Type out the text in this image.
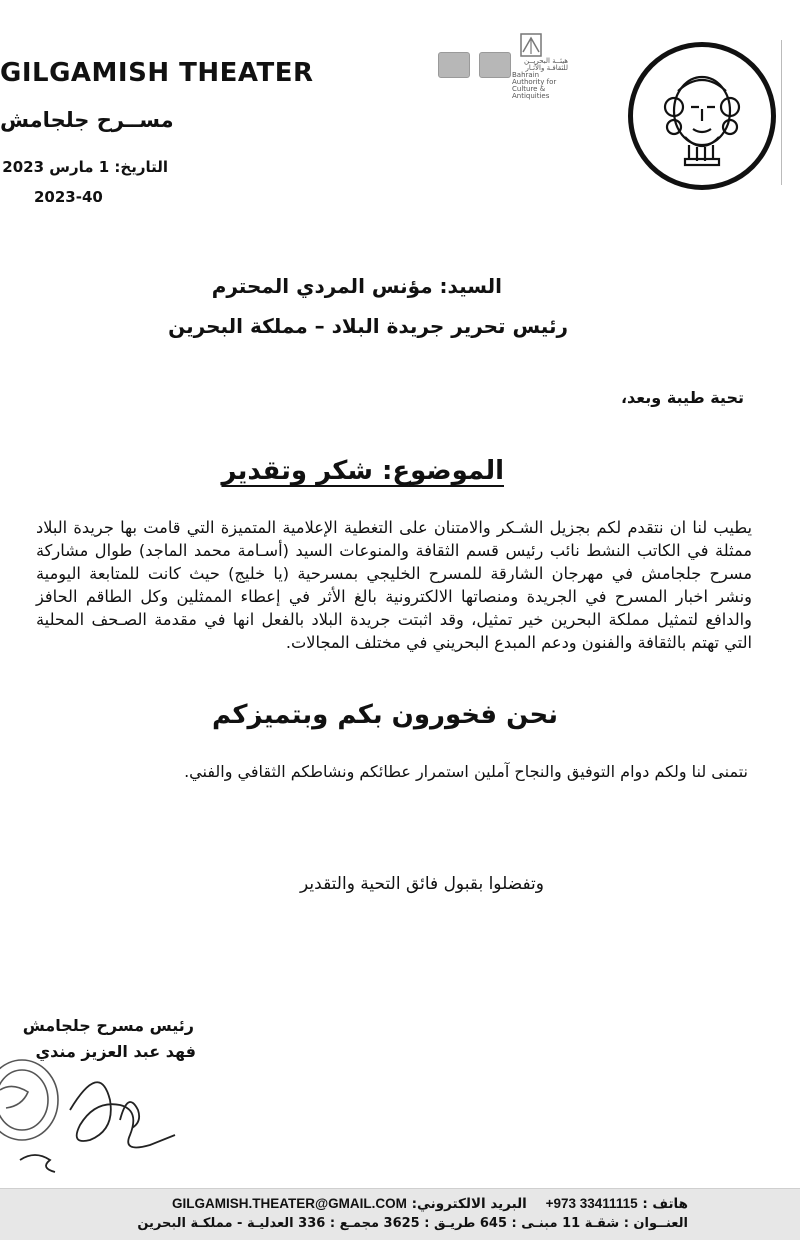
GILGAMISH THEATER
مســرح جلجامش
التاريخ: 1 مارس 2023
2023-40

هيئــة البحريــن للثقافـة والآثـار
Bahrain Authority for Culture & Antiquities
السيد: مؤنس المردي المحترم
رئيس تحرير جريدة البلاد – مملكة البحرين
تحية طيبة وبعد،
الموضوع: شكر وتقدير
يطيب لنا ان نتقدم لكم بجزيل الشـكر والامتنان على التغطية الإعلامية المتميزة التي قامت بها جريدة البلاد ممثلة في الكاتب النشط نائب رئيس قسم الثقافة والمنوعات السيد (أسـامة محمد الماجد) طوال مشاركة مسرح جلجامش في مهرجان الشارقة للمسرح الخليجي بمسرحية (يا خليج) حيث كانت للمتابعة اليومية ونشر اخبار المسرح في الجريدة ومنصاتها الالكترونية بالغ الأثر في إعطاء الممثلين وكل الطاقم الحافز والدافع لتمثيل مملكة البحرين خير تمثيل، وقد اثبتت جريدة البلاد بالفعل انها في مقدمة الصـحف المحلية التي تهتم بالثقافة والفنون ودعم المبدع البحريني في مختلف المجالات.
نحن فخورون بكم وبتميزكم
نتمنى لنا ولكم دوام التوفيق والنجاح آملين استمرار عطائكم ونشاطكم الثقافي والفني.
وتفضلوا بقبول فائق التحية والتقدير
رئيس مسرح جلجامش
فهد عبد العزيز مندي
هاتف : +973 33411115    البريد الالكتروني: GILGAMISH.THEATER@GMAIL.COM
العنــوان : شقـة 11 مبنـى : 645 طريـق : 3625 مجمـع : 336 العدليـة - مملكـة البحرين
